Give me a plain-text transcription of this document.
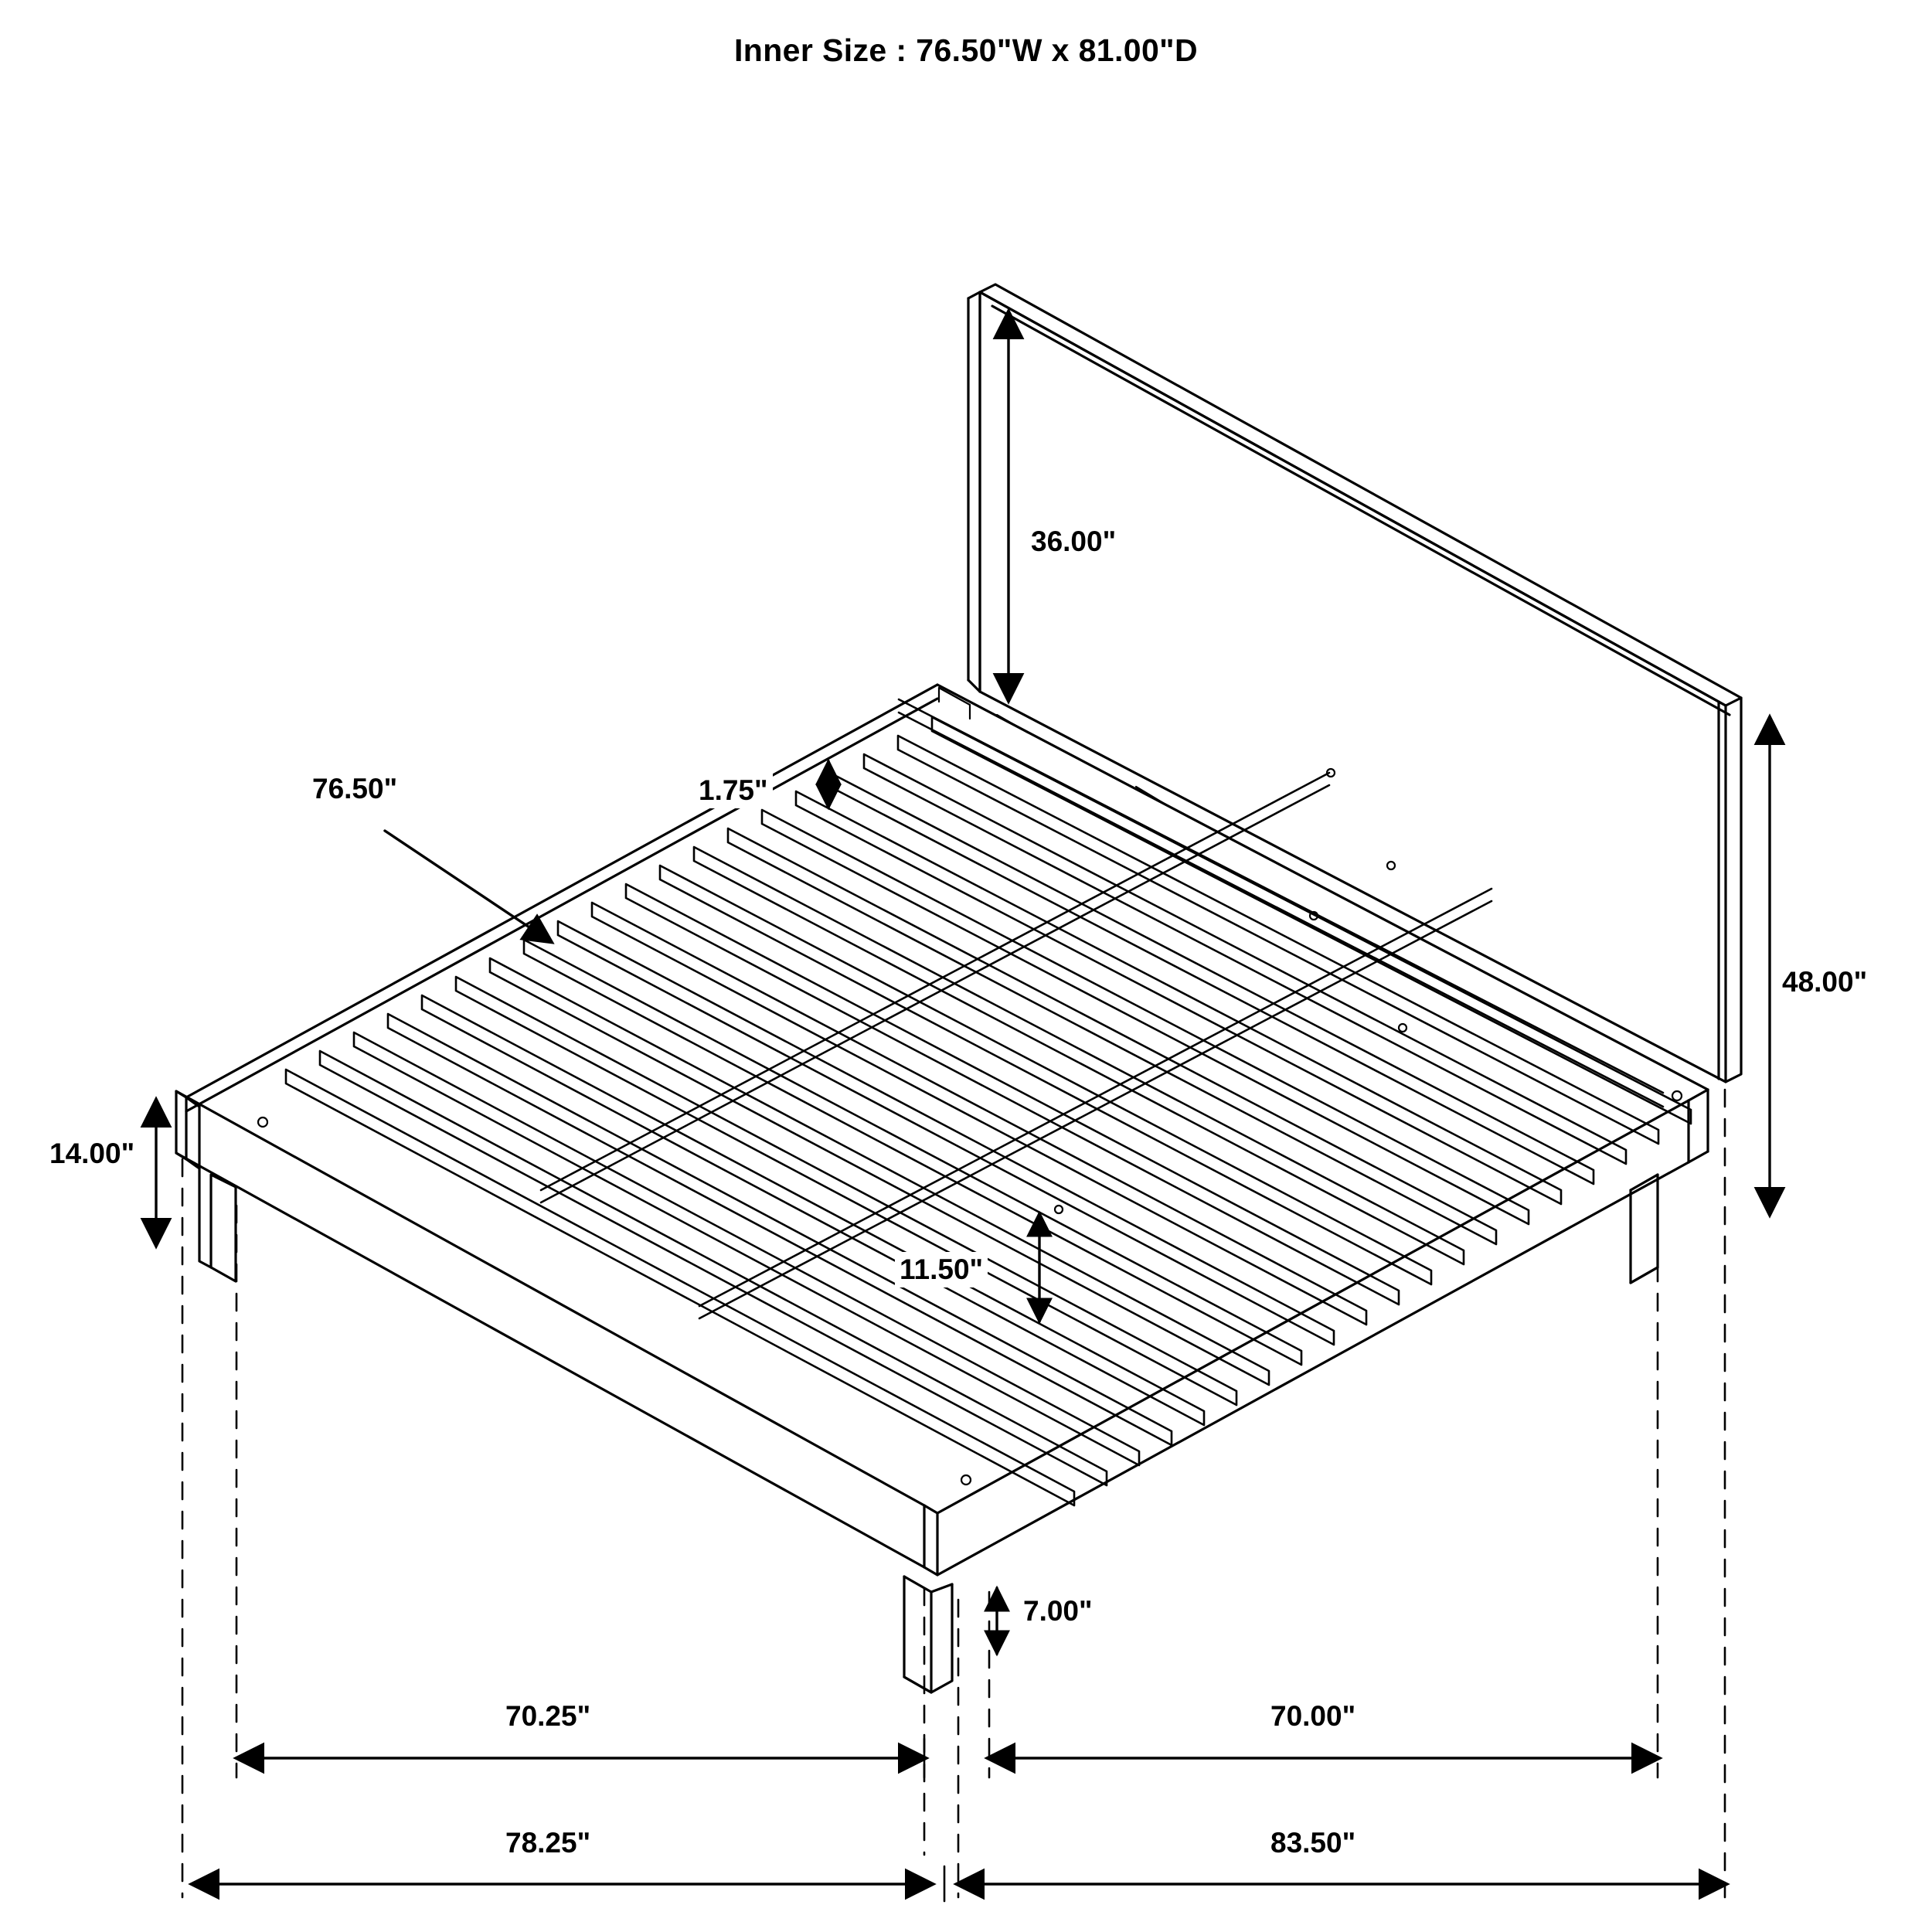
Inner Size : 76.50"W x 81.00"D
36.00"
1.75"
76.50"
48.00"
14.00"
11.50"
7.00"
70.25"	70.00"
78.25"	83.50"
